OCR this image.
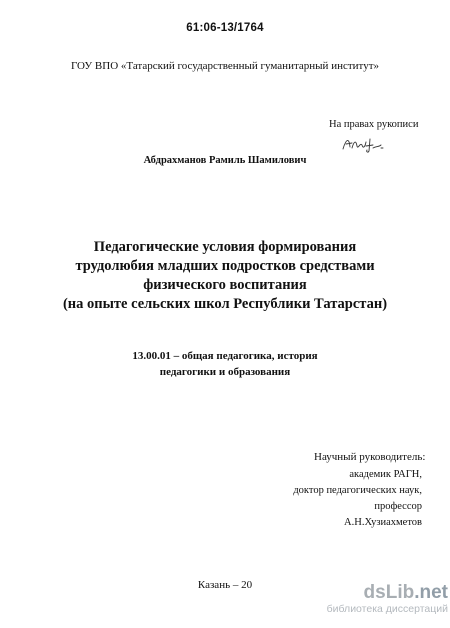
61:06-13/1764
ГОУ ВПО «Татарский государственный гуманитарный институт»
На правах рукописи
Абдрахманов Рамиль Шамилович
Педагогические условия формирования
трудолюбия младших подростков средствами
физического воспитания
(на опыте сельских школ Республики Татарстан)
13.00.01 – общая педагогика, история
педагогики и образования
Научный руководитель:
академик РАГН,
доктор педагогических наук,
профессор
А.Н.Хузиахметов
Казань – 20	dsLib.net
библиотека диссертаций
